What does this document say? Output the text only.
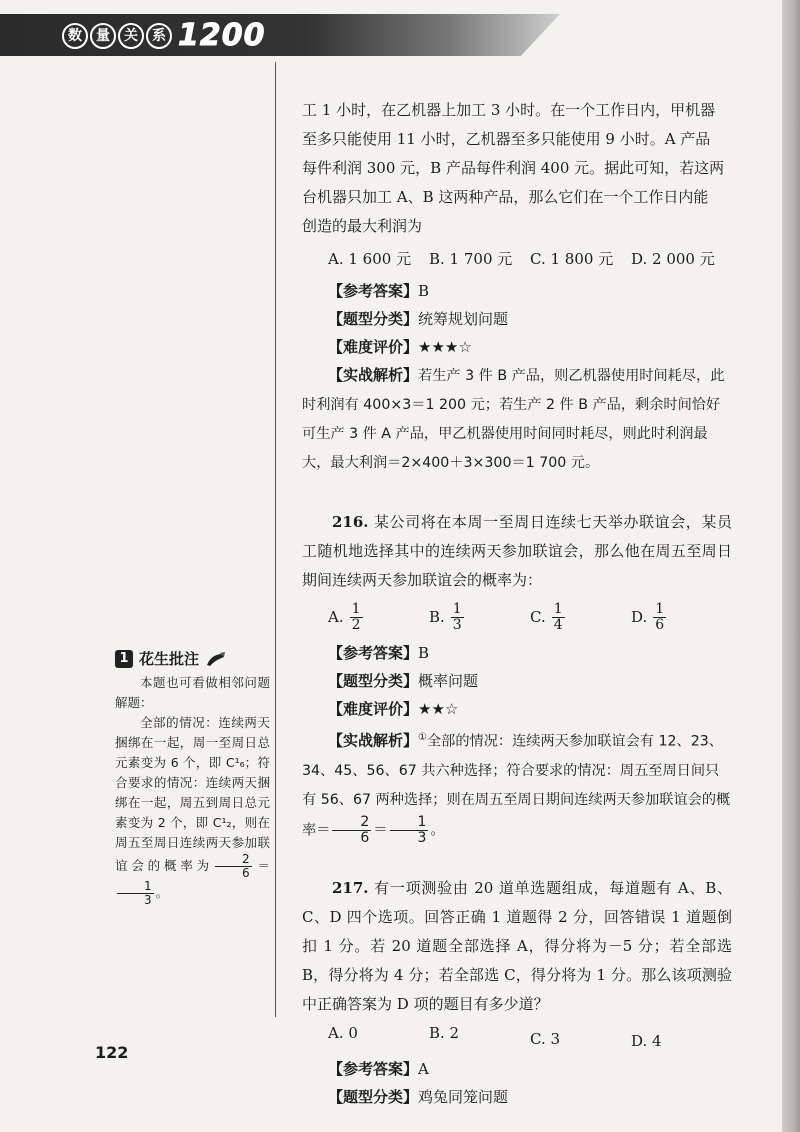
数	量	关	系 1200

工 1 小时，在乙机器上加工 3 小时。在一个工作日内，甲机器

至多只能使用 11 小时，乙机器至多只能使用 9 小时。A 产品

每件利润 300 元，B 产品每件利润 400 元。据此可知，若这两

台机器只加工 A、B 这两种产品，那么它们在一个工作日内能

创造的最大利润为

A. 1 600 元	B. 1 700 元	C. 1 800 元	D. 2 000 元
【参考答案】B
【题型分类】统筹规划问题
【难度评价】★★★☆

【实战解析】若生产 3 件 B 产品，则乙机器使用时间耗尽，此时利润有 400×3＝1 200 元；若生产 2 件 B 产品，剩余时间恰好可生产 3 件 A 产品，甲乙机器使用时间同时耗尽，则此时利润最大，最大利润＝2×400＋3×300＝1 700 元。

216. 某公司将在本周一至周日连续七天举办联谊会，某员工随机地选择其中的连续两天参加联谊会，那么他在周五至周日期间连续两天参加联谊会的概率为：

A. $\frac{1}{2}$	B. $\frac{1}{3}$	C. $\frac{1}{4}$	D. $\frac{1}{6}$
【参考答案】B
【题型分类】概率问题
【难度评价】★★☆

【实战解析】①全部的情况：连续两天参加联谊会有 12、23、34、45、56、67 共六种选择；符合要求的情况：周五至周日间只有 56、67 两种选择；则在周五至周日期间连续两天参加联谊会的概率＝ $\frac{2}{6} = \frac{1}{3}$ 。

217. 有一项测验由 20 道单选题组成，每道题有 A、B、C、D 四个选项。回答正确 1 道题得 2 分，回答错误 1 道题倒扣 1 分。若 20 道题全部选择 A，得分将为－5 分；若全部选 B，得分将为 4 分；若全部选 C，得分将为 1 分。那么该项测验中正确答案为 D 项的题目有多少道？

A. 0	B. 2	C. 3	D. 4
【参考答案】A
【题型分类】鸡兔同笼问题
1 花生批注

本题也可看做相邻问题解题：

全部的情况：连续两天捆绑在一起，周一至周日总元素变为 6 个，即 C¹₆；符合要求的情况：连续两天捆绑在一起，周五到周日总元素变为 2 个，即 C¹₂，则在周五至周日连续两天参加联谊会的概率为 $\frac{2}{6}$ ＝
$\frac{1}{3}$ 。

122
